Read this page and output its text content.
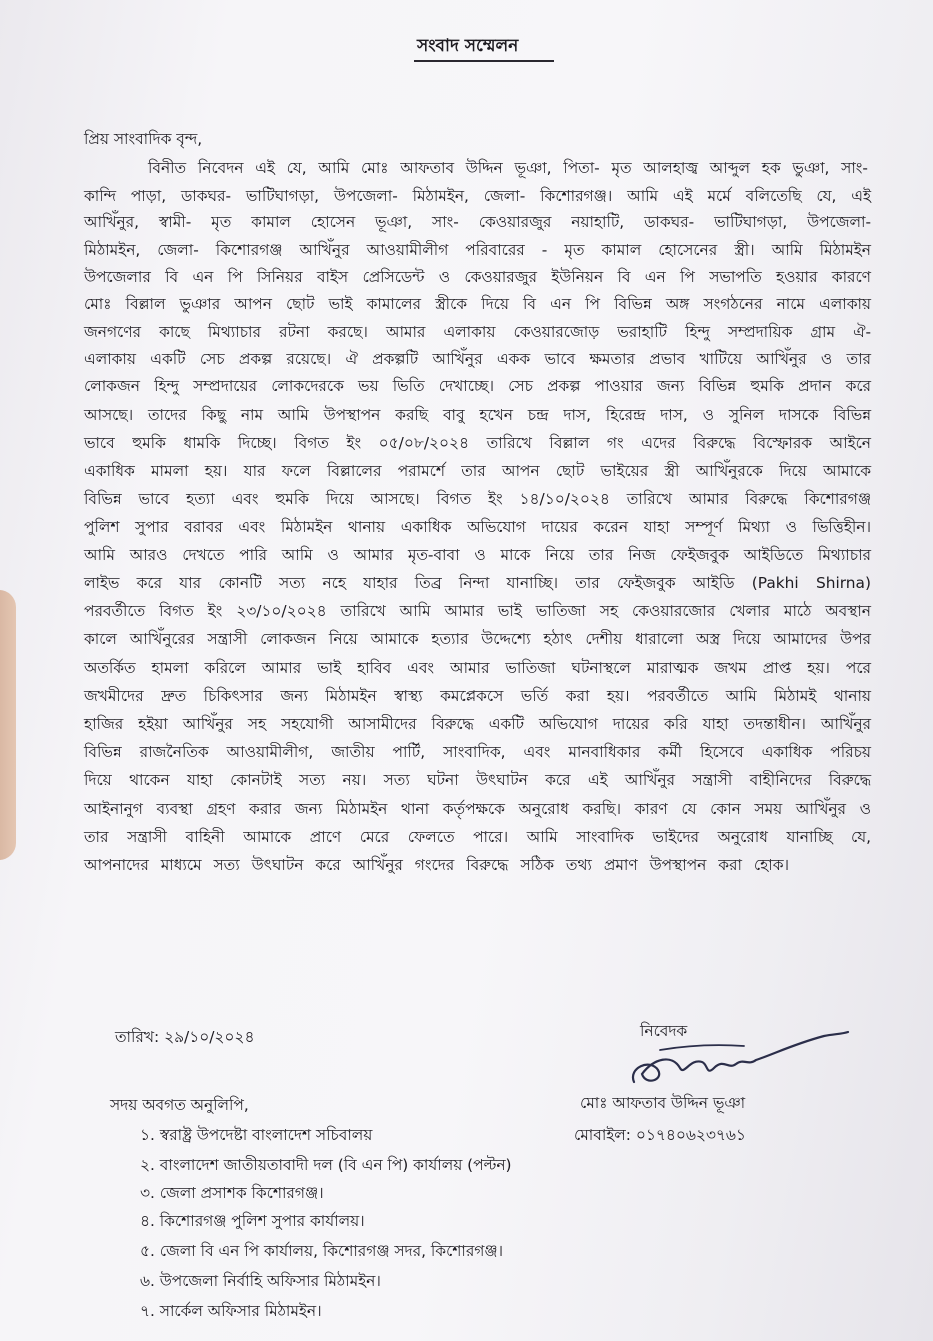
সংবাদ সম্মেলন
প্রিয় সাংবাদিক বৃন্দ,
বিনীত নিবেদন এই যে, আমি মোঃ আফতাব উদ্দিন ভূঞা, পিতা- মৃত আলহাজ্ব আব্দুল হক ভুঞা, সাং-
কান্দি পাড়া, ডাকঘর- ভাটিঘাগড়া, উপজেলা- মিঠামইন, জেলা- কিশোরগঞ্জ। আমি এই মর্মে বলিতেছি যে, এই
আখিঁনুর, স্বামী- মৃত কামাল হোসেন ভূঞা, সাং- কেওয়ারজুর নয়াহাটি, ডাকঘর- ভাটিঘাগড়া, উপজেলা-
মিঠামইন, জেলা- কিশোরগঞ্জ আখিঁনুর আওয়ামীলীগ পরিবারের - মৃত কামাল হোসেনের স্ত্রী। আমি মিঠামইন
উপজেলার বি এন পি সিনিয়র বাইস প্রেসিডেন্ট ও কেওয়ারজুর ইউনিয়ন বি এন পি সভাপতি হওয়ার কারণে
মোঃ বিল্লাল ভুঞার আপন ছোট ভাই কামালের স্ত্রীকে দিয়ে বি এন পি বিভিন্ন অঙ্গ সংগঠনের নামে এলাকায়
জনগণের কাছে মিথ্যাচার রটনা করছে। আমার এলাকায় কেওয়ারজোড় ভরাহাটি হিন্দু সম্প্রদায়িক গ্রাম ঐ-
এলাকায় একটি সেচ প্রকল্প রয়েছে। ঐ প্রকল্পটি আখিঁনুর একক ভাবে ক্ষমতার প্রভাব খাটিয়ে আখিঁনুর ও তার
লোকজন হিন্দু সম্প্রদায়ের লোকদেরকে ভয় ভিতি দেখাচ্ছে। সেচ প্রকল্প পাওয়ার জন্য বিভিন্ন হুমকি প্রদান করে
আসছে। তাদের কিছু নাম আমি উপস্থাপন করছি বাবু হখেন চন্দ্র দাস, হিরেন্দ্র দাস, ও সুনিল দাসকে বিভিন্ন
ভাবে হুমকি ধামকি দিচ্ছে। বিগত ইং ০৫/০৮/২০২৪ তারিখে বিল্লাল গং এদের বিরুদ্ধে বিস্ফোরক আইনে
একাধিক মামলা হয়। যার ফলে বিল্লালের পরামর্শে তার আপন ছোট ভাইয়ের স্ত্রী আখিঁনুরকে দিয়ে আমাকে
বিভিন্ন ভাবে হত্যা এবং হুমকি দিয়ে আসছে। বিগত ইং ১৪/১০/২০২৪ তারিখে আমার বিরুদ্ধে কিশোরগঞ্জ
পুলিশ সুপার বরাবর এবং মিঠামইন থানায় একাধিক অভিযোগ দায়ের করেন যাহা সম্পূর্ণ মিথ্যা ও ভিত্তিহীন।
আমি আরও দেখতে পারি আমি ও আমার মৃত-বাবা ও মাকে নিয়ে তার নিজ ফেইজবুক আইডিতে মিথ্যাচার
লাইভ করে যার কোনটি সত্য নহে যাহার তিব্র নিন্দা যানাচ্ছি। তার ফেইজবুক আইডি (Pakhi Shirna)
পরবর্তীতে বিগত ইং ২৩/১০/২০২৪ তারিখে আমি আমার ভাই ভাতিজা সহ কেওয়ারজোর খেলার মাঠে অবস্থান
কালে আখিঁনুরের সন্ত্রাসী লোকজন নিয়ে আমাকে হত্যার উদ্দেশ্যে হঠাৎ দেশীয় ধারালো অস্ত্র দিয়ে আমাদের উপর
অতর্কিত হামলা করিলে আমার ভাই হাবিব এবং আমার ভাতিজা ঘটনাস্থলে মারাত্মক জখম প্রাপ্ত হয়। পরে
জখমীদের দ্রুত চিকিৎসার জন্য মিঠামইন স্বাস্থ্য কমপ্লেকসে ভর্তি করা হয়। পরবর্তীতে আমি মিঠামই থানায়
হাজির হইয়া আখিঁনুর সহ সহযোগী আসামীদের বিরুদ্ধে একটি অভিযোগ দায়ের করি যাহা তদন্তাধীন। আখিঁনুর
বিভিন্ন রাজনৈতিক আওয়ামীলীগ, জাতীয় পার্টি, সাংবাদিক, এবং মানবাধিকার কর্মী হিসেবে একাধিক পরিচয়
দিয়ে থাকেন যাহা কোনটাই সত্য নয়। সত্য ঘটনা উৎঘাটন করে এই আখিঁনুর সন্ত্রাসী বাহীনিদের বিরুদ্ধে
আইনানুগ ব্যবস্থা গ্রহণ করার জন্য মিঠামইন থানা কর্তৃপক্ষকে অনুরোধ করছি। কারণ যে কোন সময় আখিঁনুর ও
তার সন্ত্রাসী বাহিনী আমাকে প্রাণে মেরে ফেলতে পারে। আমি সাংবাদিক ভাইদের অনুরোধ যানাচ্ছি যে,
আপনাদের মাধ্যমে সত্য উৎঘাটন করে আখিঁনুর গংদের বিরুদ্ধে সঠিক তথ্য প্রমাণ উপস্থাপন করা হোক।
তারিখ: ২৯/১০/২০২৪	নিবেদক
মোঃ আফতাব উদ্দিন ভূঞা
মোবাইল: ০১৭৪০৬২৩৭৬১
সদয় অবগত অনুলিপি,
১. স্বরাষ্ট্র উপদেষ্টা বাংলাদেশ সচিবালয়
২. বাংলাদেশ জাতীয়তাবাদী দল (বি এন পি) কার্যালয় (পল্টন)
৩. জেলা প্রসাশক কিশোরগঞ্জ।
৪. কিশোরগঞ্জ পুলিশ সুপার কার্যালয়।
৫. জেলা বি এন পি কার্যালয়, কিশোরগঞ্জ সদর, কিশোরগঞ্জ।
৬. উপজেলা নির্বাহি অফিসার মিঠামইন।
৭. সার্কেল অফিসার মিঠামইন।
